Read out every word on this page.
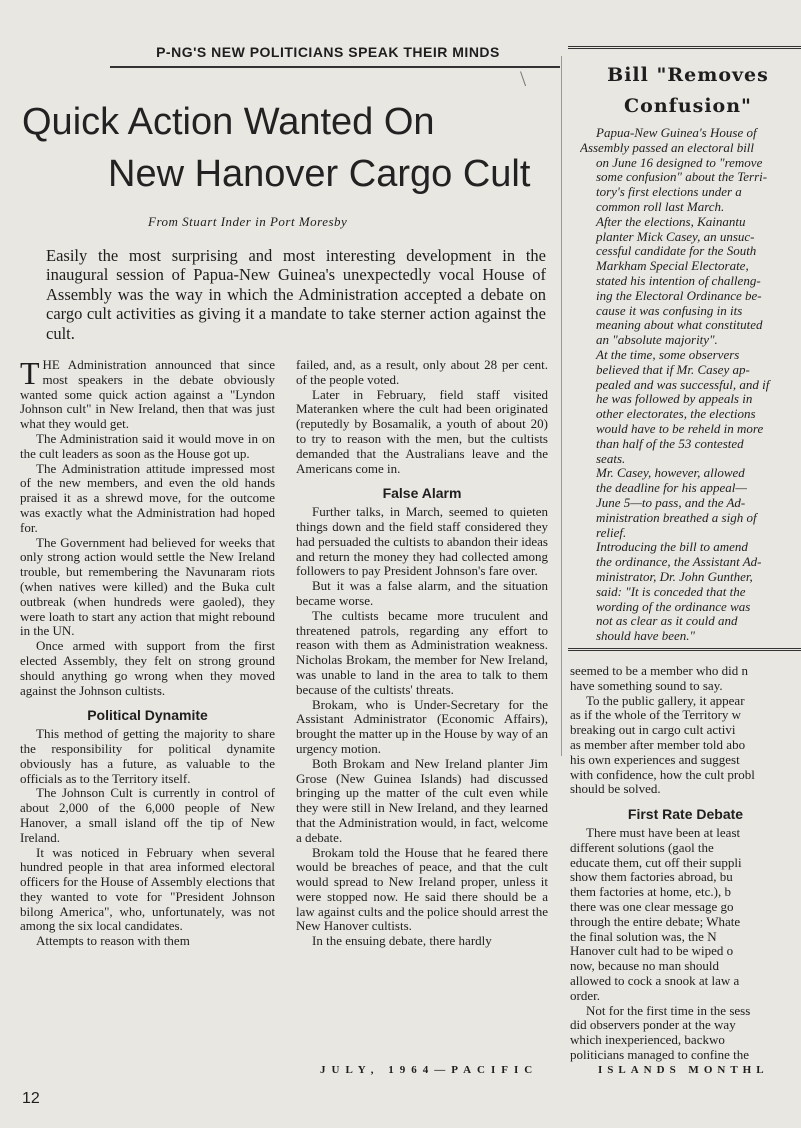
P-NG'S NEW POLITICIANS SPEAK THEIR MINDS
\
Quick Action Wanted On
New Hanover Cargo Cult
From Stuart Inder in Port Moresby

Easily the most surprising and most interesting development in the inaugural session of Papua-New Guinea's unexpectedly vocal House of Assembly was the way in which the Administration accepted a debate on cargo cult activities as giving it a mandate to take sterner action against the cult.

THE Administration announced that since most speakers in the debate obviously wanted some quick action against a "Lyndon Johnson cult" in New Ireland, then that was just what they would get.

The Administration said it would move in on the cult leaders as soon as the House got up.

The Administration attitude impressed most of the new members, and even the old hands praised it as a shrewd move, for the outcome was exactly what the Administration had hoped for.

The Government had believed for weeks that only strong action would settle the New Ireland trouble, but remembering the Navunaram riots (when natives were killed) and the Buka cult outbreak (when hundreds were gaoled), they were loath to start any action that might rebound in the UN.

Once armed with support from the first elected Assembly, they felt on strong ground should anything go wrong when they moved against the Johnson cultists.

Political Dynamite

This method of getting the majority to share the responsibility for political dynamite obviously has a future, as valuable to the officials as to the Territory itself.

The Johnson Cult is currently in control of about 2,000 of the 6,000 people of New Hanover, a small island off the tip of New Ireland.

It was noticed in February when several hundred people in that area informed electoral officers for the House of Assembly elections that they wanted to vote for "President Johnson bilong America", who, unfortunately, was not among the six local candidates.

Attempts to reason with them

failed, and, as a result, only about 28 per cent. of the people voted.

Later in February, field staff visited Materanken where the cult had been originated (reputedly by Bosamalik, a youth of about 20) to try to reason with the men, but the cultists demanded that the Australians leave and the Americans come in.

False Alarm

Further talks, in March, seemed to quieten things down and the field staff considered they had persuaded the cultists to abandon their ideas and return the money they had collected among followers to pay President Johnson's fare over.

But it was a false alarm, and the situation became worse.

The cultists became more truculent and threatened patrols, regarding any effort to reason with them as Administration weakness. Nicholas Brokam, the member for New Ireland, was unable to land in the area to talk to them because of the cultists' threats.

Brokam, who is Under-Secretary for the Assistant Administrator (Economic Affairs), brought the matter up in the House by way of an urgency motion.

Both Brokam and New Ireland planter Jim Grose (New Guinea Islands) had discussed bringing up the matter of the cult even while they were still in New Ireland, and they learned that the Administration would, in fact, welcome a debate.

Brokam told the House that he feared there would be breaches of peace, and that the cult would spread to New Ireland proper, unless it were stopped now. He said there should be a law against cults and the police should arrest the New Hanover cultists.

In the ensuing debate, there hardly

Bill "Removes
Confusion"

Papua-New Guinea's House of
Assembly passed an electoral bill
on June 16 designed to "remove
some confusion" about the Terri-
tory's first elections under a
common roll last March.

After the elections, Kainantu
planter Mick Casey, an unsuc-
cessful candidate for the South
Markham Special Electorate,
stated his intention of challeng-
ing the Electoral Ordinance be-
cause it was confusing in its
meaning about what constituted
an "absolute majority".

At the time, some observers
believed that if Mr. Casey ap-
pealed and was successful, and if
he was followed by appeals in
other electorates, the elections
would have to be reheld in more
than half of the 53 contested
seats.

Mr. Casey, however, allowed
the deadline for his appeal—
June 5—to pass, and the Ad-
ministration breathed a sigh of
relief.

Introducing the bill to amend
the ordinance, the Assistant Ad-
ministrator, Dr. John Gunther,
said: "It is conceded that the
wording of the ordinance was
not as clear as it could and
should have been."

seemed to be a member who did n
have something sound to say.

To the public gallery, it appear
as if the whole of the Territory w
breaking out in cargo cult activi
as member after member told abo
his own experiences and suggest
with confidence, how the cult probl
should be solved.

First Rate Debate

There must have been at least
different solutions (gaol the
educate them, cut off their suppli
show them factories abroad, bu
them factories at home, etc.), b
there was one clear message go
through the entire debate; Whate
the final solution was, the N
Hanover cult had to be wiped o
now, because no man should
allowed to cock a snook at law a
order.

Not for the first time in the sess
did observers ponder at the way
which inexperienced, backwo
politicians managed to confine the

JULY, 1964—PACIFIC	ISLANDS MONTHL
12
